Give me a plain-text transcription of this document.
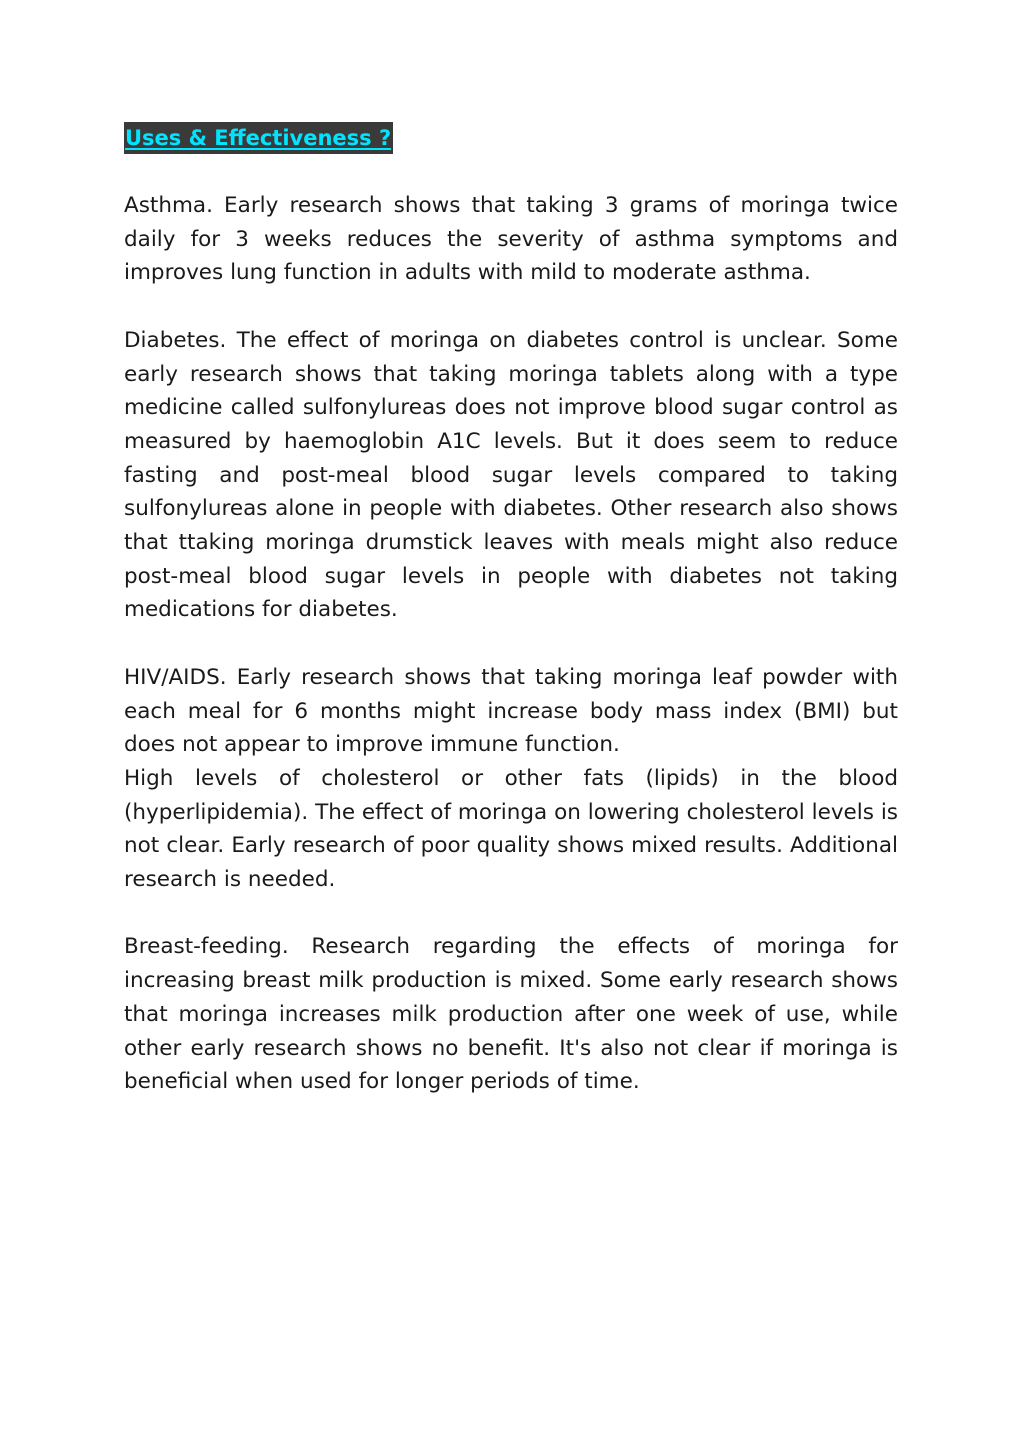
Uses & Effectiveness ?

Asthma. Early research shows that taking 3 grams of moringa twice daily for 3 weeks reduces the severity of asthma symptoms and improves lung function in adults with mild to moderate asthma.

Diabetes. The effect of moringa on diabetes control is unclear. Some early research shows that taking moringa tablets along with a type medicine called sulfonylureas does not improve blood sugar control as measured by haemoglobin A1C levels. But it does seem to reduce fasting and post-meal blood sugar levels compared to taking sulfonylureas alone in people with diabetes. Other research also shows that ttaking moringa drumstick leaves with meals might also reduce post-meal blood sugar levels in people with diabetes not taking medications for diabetes.

HIV/AIDS. Early research shows that taking moringa leaf powder with each meal for 6 months might increase body mass index (BMI) but does not appear to improve immune function.

High levels of cholesterol or other fats (lipids) in the blood (hyperlipidemia). The effect of moringa on lowering cholesterol levels is not clear. Early research of poor quality shows mixed results. Additional research is needed.

Breast-feeding. Research regarding the effects of moringa for increasing breast milk production is mixed. Some early research shows that moringa increases milk production after one week of use, while other early research shows no benefit. It's also not clear if moringa is beneficial when used for longer periods of time.
